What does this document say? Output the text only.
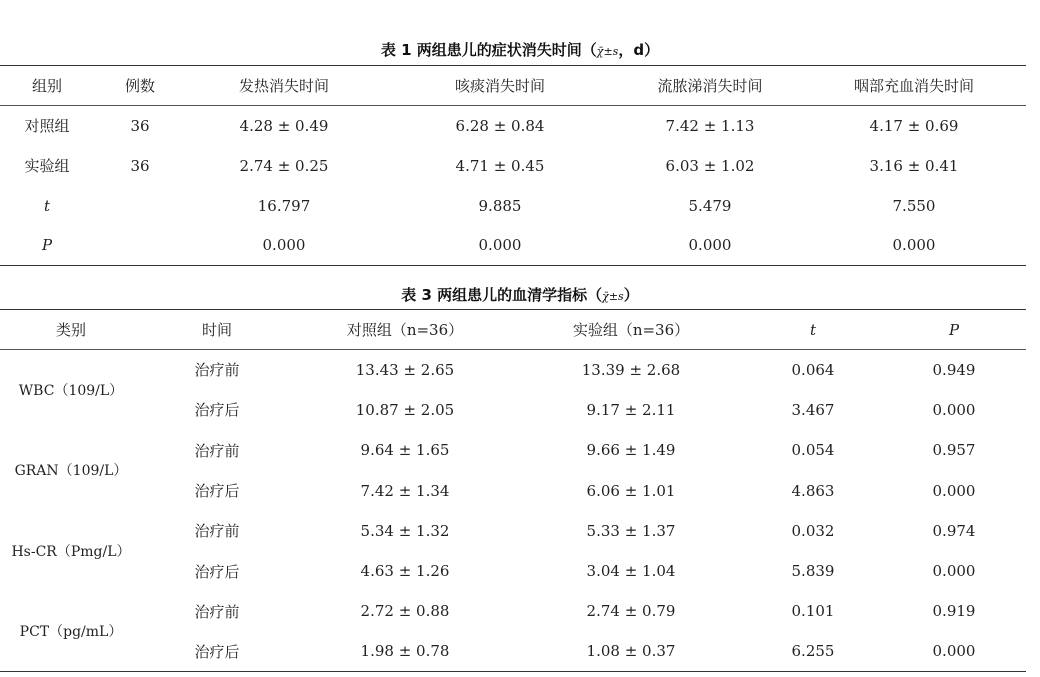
表 1 两组患儿的症状消失时间（χ̄±s，d）
组别	例数	发热消失时间	咳痰消失时间	流脓涕消失时间	咽部充血消失时间
对照组	36	4.28 ± 0.49	6.28 ± 0.84	7.42 ± 1.13	4.17 ± 0.69
实验组	36	2.74 ± 0.25	4.71 ± 0.45	6.03 ± 1.02	3.16 ± 0.41
t		16.797	9.885	5.479	7.550
P		0.000	0.000	0.000	0.000
表 3 两组患儿的血清学指标（χ̄±s）
类别	时间	对照组（n=36）	实验组（n=36）	t	P
WBC（109/L）	治疗前	13.43 ± 2.65	13.39 ± 2.68	0.064	0.949
	治疗后	10.87 ± 2.05	9.17 ± 2.11	3.467	0.000
GRAN（109/L）	治疗前	9.64 ± 1.65	9.66 ± 1.49	0.054	0.957
	治疗后	7.42 ± 1.34	6.06 ± 1.01	4.863	0.000
Hs-CR（Pmg/L）	治疗前	5.34 ± 1.32	5.33 ± 1.37	0.032	0.974
	治疗后	4.63 ± 1.26	3.04 ± 1.04	5.839	0.000
PCT（pg/mL）	治疗前	2.72 ± 0.88	2.74 ± 0.79	0.101	0.919
	治疗后	1.98 ± 0.78	1.08 ± 0.37	6.255	0.000
